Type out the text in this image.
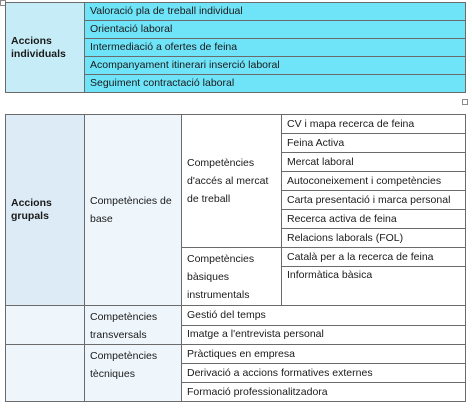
Accions individuals	Valoració pla de treball individual
Orientació laboral
Intermediació a ofertes de feina
Acompanyament itinerari inserció laboral
Seguiment contractació laboral
Accions grupals	Competències de base	Competències d'accés al mercat de treball	CV i mapa recerca de feina
			Feina Activa
			Mercat laboral
			Autoconeixement i competències
			Carta presentació i marca personal
			Recerca activa de feina
			Relacions laborals (FOL)
		Competències bàsiques instrumentals	Català per a la recerca de feina
			Informàtica bàsica
	Competències transversals	Gestió del temps	
		Imatge a l'entrevista personal	
	Competències tècniques	Pràctiques en empresa	
		Derivació a accions formatives externes	
		Formació professionalitzadora	
